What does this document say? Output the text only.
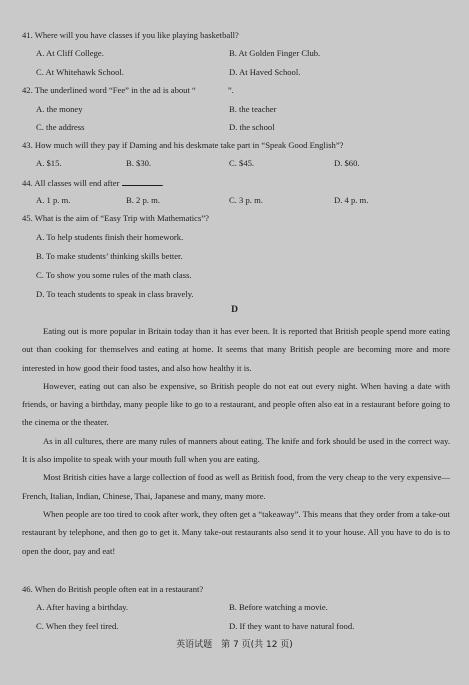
41. Where will you have classes if you like playing basketball?
A. At Cliff College.	B. At Golden Finger Club.
C. At Whitehawk School.	D. At Haved School.
42. The underlined word “Fee” in the ad is about “	”.
A. the money	B. the teacher
C. the address	D. the school
43. How much will they pay if Daming and his deskmate take part in “Speak Good English”?
A. $15.	B. $30.	C. $45.	D. $60.
44. All classes will end after	.
A. 1 p. m.	B. 2 p. m.	C. 3 p. m.	D. 4 p. m.
45. What is the aim of “Easy Trip with Mathematics”?
A. To help students finish their homework.
B. To make students’ thinking skills better.
C. To show you some rules of the math class.
D. To teach students to speak in class bravely.
D

Eating out is more popular in Britain today than it has ever been. It is reported that British people spend more eating out than cooking for themselves and eating at home. It seems that many British people are becoming more and more interested in how good their food tastes, and also how healthy it is.

However, eating out can also be expensive, so British people do not eat out every night. When having a date with friends, or having a birthday, many people like to go to a restaurant, and people often also eat in a restaurant before going to the cinema or the theater.

As in all cultures, there are many rules of manners about eating. The knife and fork should be used in the correct way. It is also impolite to speak with your mouth full when you are eating.

Most British cities have a large collection of food as well as British food, from the very cheap to the very expensive—French, Italian, Indian, Chinese, Thai, Japanese and many, many more.

When people are too tired to cook after work, they often get a “takeaway”. This means that they order from a take-out restaurant by telephone, and then go to get it. Many take-out restaurants also send it to your house. All you have to do is to open the door, pay and eat!

46. When do British people often eat in a restaurant?
A. After having a birthday.	B. Before watching a movie.
C. When they feel tired.	D. If they want to have natural food.
英语试题　第 7 页(共 12 页)
